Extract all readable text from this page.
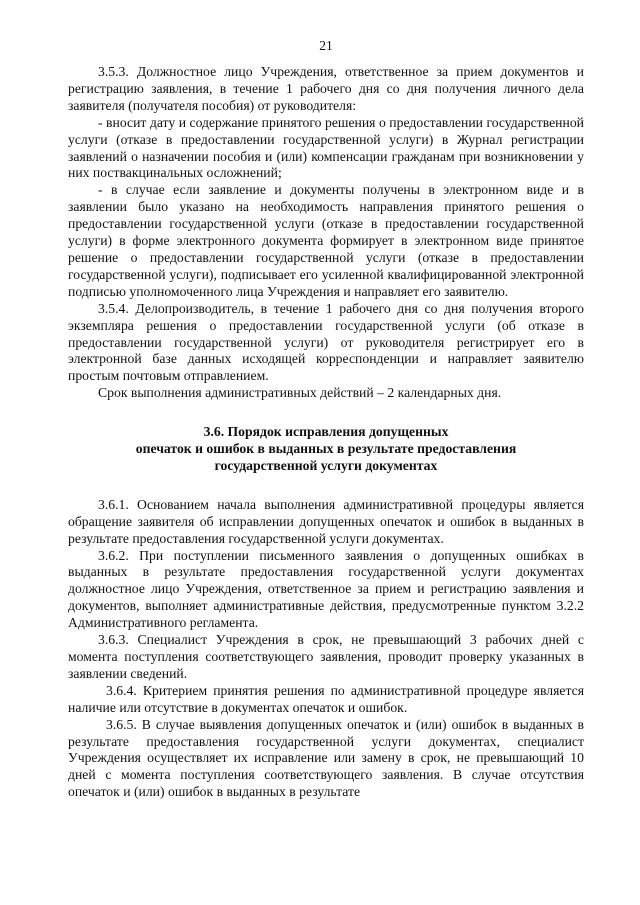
21

3.5.3. Должностное лицо Учреждения, ответственное за прием документов и регистрацию заявления, в течение 1 рабочего дня со дня получения личного дела заявителя (получателя пособия) от руководителя:

- вносит дату и содержание принятого решения о предоставлении государственной услуги (отказе в предоставлении государственной услуги) в Журнал регистрации заявлений о назначении пособия и (или) компенсации гражданам при возникновении у них поствакцинальных осложнений;

- в случае если заявление и документы получены в электронном виде и в заявлении было указано на необходимость направления принятого решения о предоставлении государственной услуги (отказе в предоставлении государственной услуги) в форме электронного документа формирует в электронном виде принятое решение о предоставлении государственной услуги (отказе в предоставлении государственной услуги), подписывает его усиленной квалифицированной электронной подписью уполномоченного лица Учреждения и направляет его заявителю.

3.5.4. Делопроизводитель, в течение 1 рабочего дня со дня получения второго экземпляра решения о предоставлении государственной услуги (об отказе в предоставлении государственной услуги) от руководителя регистрирует его в электронной базе данных исходящей корреспонденции и направляет заявителю простым почтовым отправлением.

Срок выполнения административных действий – 2 календарных дня.

3.6. Порядок исправления допущенных
опечаток и ошибок в выданных в результате предоставления
государственной услуги документах

3.6.1. Основанием начала выполнения административной процедуры является обращение заявителя об исправлении допущенных опечаток и ошибок в выданных в результате предоставления государственной услуги документах.

3.6.2. При поступлении письменного заявления о допущенных ошибках в выданных в результате предоставления государственной услуги документах должностное лицо Учреждения, ответственное за прием и регистрацию заявления и документов, выполняет административные действия, предусмотренные пунктом 3.2.2 Административного регламента.

3.6.3. Специалист Учреждения в срок, не превышающий 3 рабочих дней с момента поступления соответствующего заявления, проводит проверку указанных в заявлении сведений.

3.6.4. Критерием принятия решения по административной процедуре является наличие или отсутствие в документах опечаток и ошибок.

3.6.5. В случае выявления допущенных опечаток и (или) ошибок в выданных в результате предоставления государственной услуги документах, специалист Учреждения осуществляет их исправление или замену в срок, не превышающий 10 дней с момента поступления соответствующего заявления. В случае отсутствия опечаток и (или) ошибок в выданных в результате
